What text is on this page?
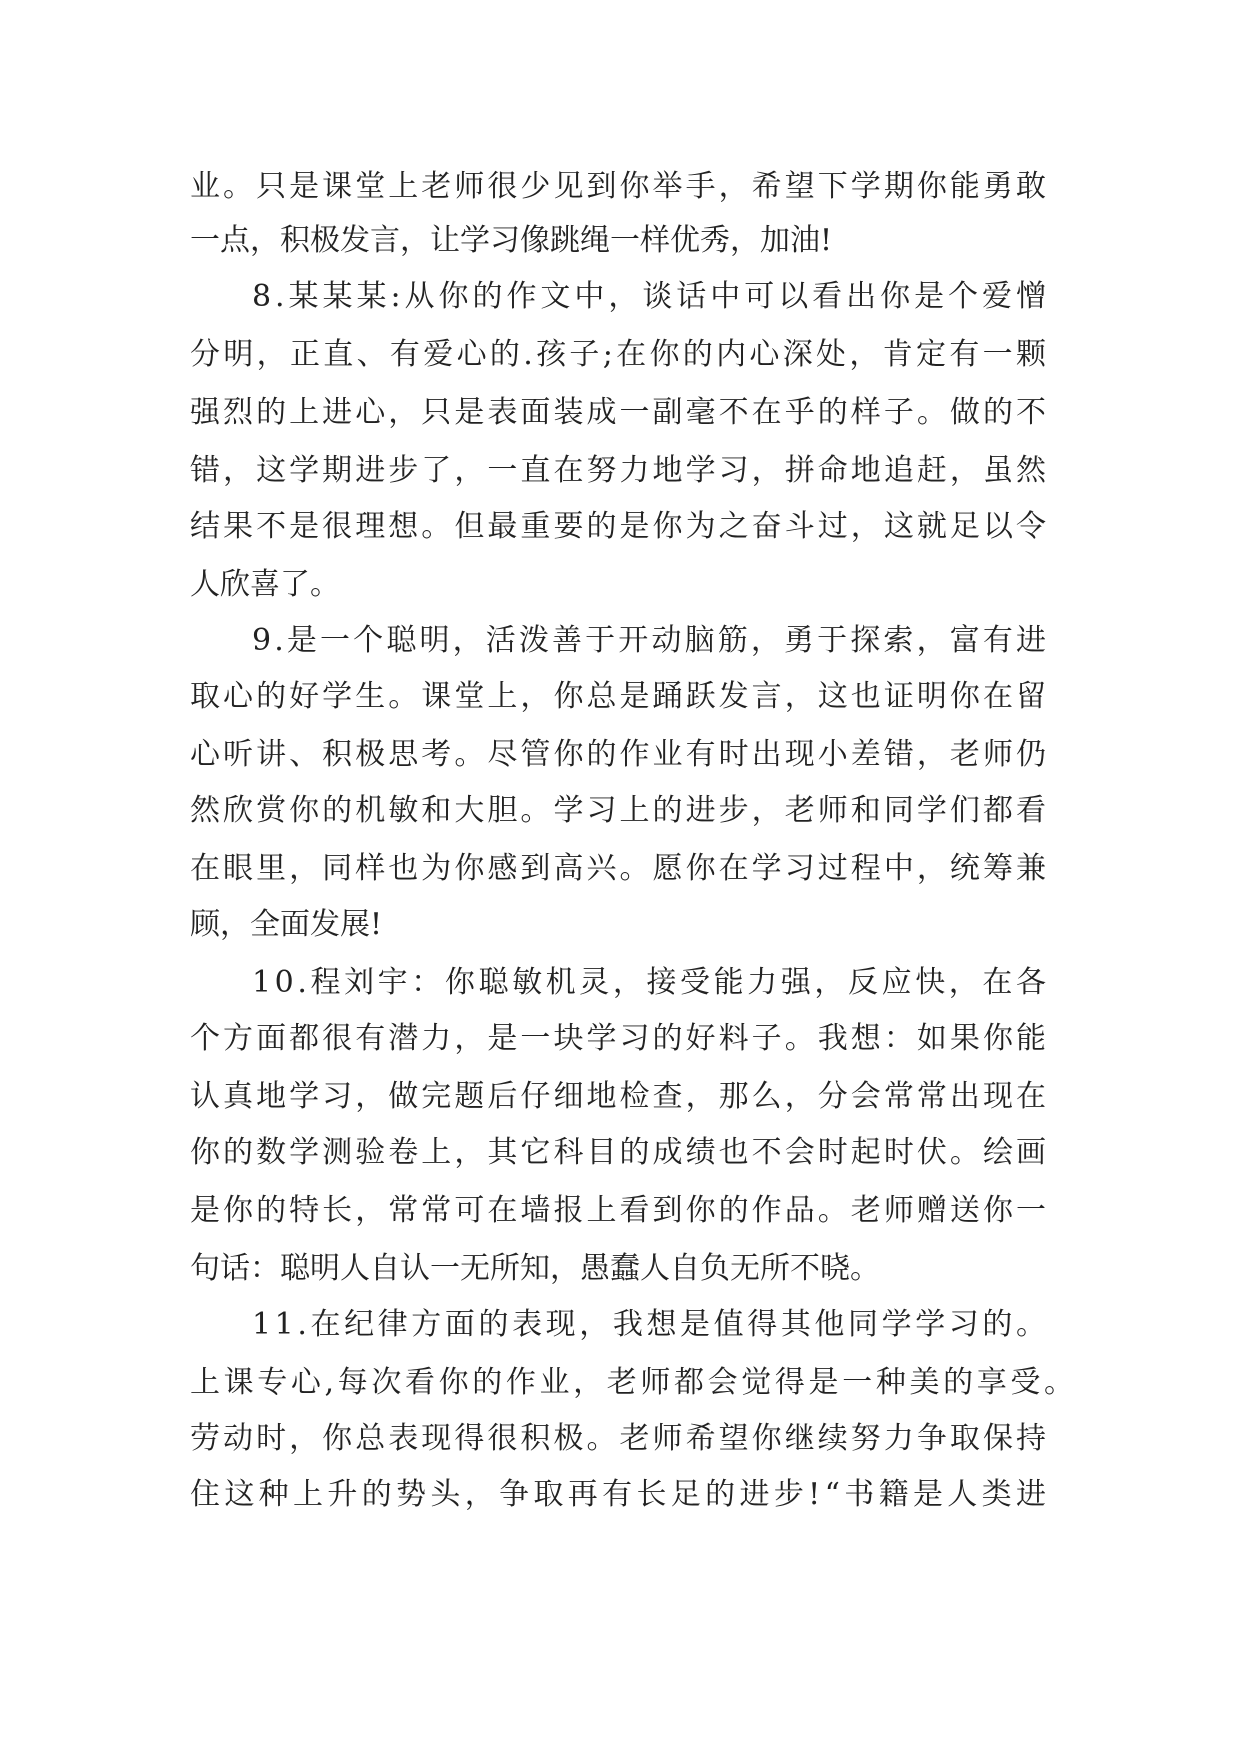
业。只是课堂上老师很少见到你举手，希望下学期你能勇敢
一点，积极发言，让学习像跳绳一样优秀，加油!
8.某某某:从你的作文中，谈话中可以看出你是个爱憎
分明，正直、有爱心的.孩子;在你的内心深处，肯定有一颗
强烈的上进心，只是表面装成一副毫不在乎的样子。做的不
错，这学期进步了，一直在努力地学习，拼命地追赶，虽然
结果不是很理想。但最重要的是你为之奋斗过，这就足以令
人欣喜了。
9.是一个聪明，活泼善于开动脑筋，勇于探索，富有进
取心的好学生。课堂上，你总是踊跃发言，这也证明你在留
心听讲、积极思考。尽管你的作业有时出现小差错，老师仍
然欣赏你的机敏和大胆。学习上的进步，老师和同学们都看
在眼里，同样也为你感到高兴。愿你在学习过程中，统筹兼
顾，全面发展!
10.程刘宇：你聪敏机灵，接受能力强，反应快，在各
个方面都很有潜力，是一块学习的好料子。我想：如果你能
认真地学习，做完题后仔细地检查，那么，分会常常出现在
你的数学测验卷上，其它科目的成绩也不会时起时伏。绘画
是你的特长，常常可在墙报上看到你的作品。老师赠送你一
句话：聪明人自认一无所知，愚蠢人自负无所不晓。
11.在纪律方面的表现，我想是值得其他同学学习的。
上课专心,每次看你的作业，老师都会觉得是一种美的享受。
劳动时，你总表现得很积极。老师希望你继续努力争取保持
住这种上升的势头，争取再有长足的进步!“书籍是人类进
